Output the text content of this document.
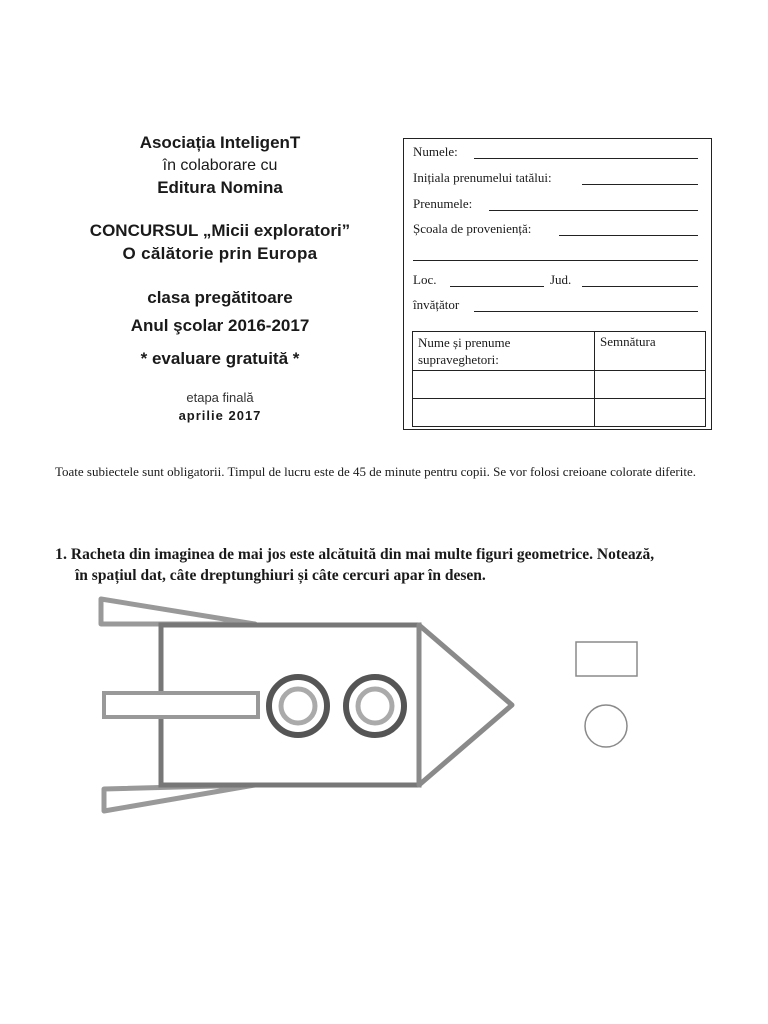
Asociația InteligenT
în colaborare cu
Editura Nomina
CONCURSUL „Micii exploratori”
O călătorie prin Europa
clasa pregătitoare
Anul şcolar 2016-2017
* evaluare gratuită *
etapa finală
aprilie 2017
Numele:
Inițiala prenumelui tatălui:
Prenumele:
Școala de proveniență:
Loc.	Jud.
învățător
Nume și prenume supraveghetori:	Semnătura

Toate subiectele sunt obligatorii. Timpul de lucru este de 45 de minute pentru copii. Se vor folosi creioane colorate diferite.
1. Racheta din imaginea de mai jos este alcătuită din mai multe figuri geometrice. Notează,
în spațiul dat, câte dreptunghiuri și câte cercuri apar în desen.
